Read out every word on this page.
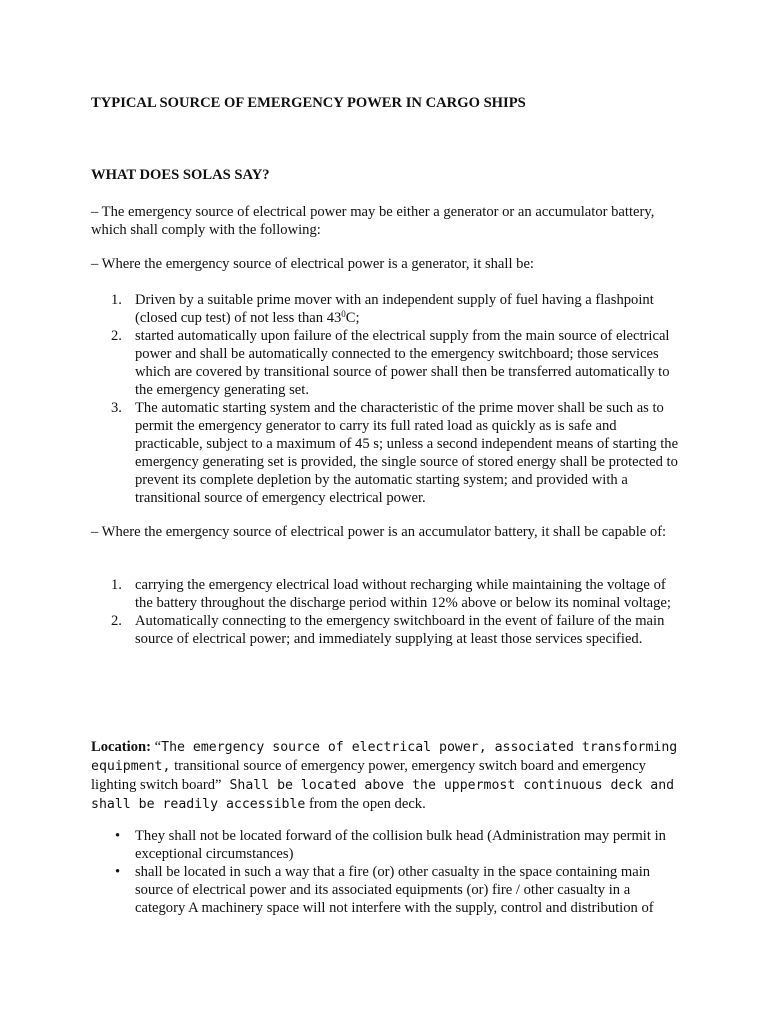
TYPICAL SOURCE OF EMERGENCY POWER IN CARGO SHIPS

WHAT DOES SOLAS SAY?

– The emergency source of electrical power may be either a generator or an accumulator battery, which shall comply with the following:

– Where the emergency source of electrical power is a generator, it shall be:

1. Driven by a suitable prime mover with an independent supply of fuel having a flashpoint (closed cup test) of not less than $43^0C$;
2. started automatically upon failure of the electrical supply from the main source of electrical power and shall be automatically connected to the emergency switchboard; those services which are covered by transitional source of power shall then be transferred automatically to the emergency generating set.
3. The automatic starting system and the characteristic of the prime mover shall be such as to permit the emergency generator to carry its full rated load as quickly as is safe and practicable, subject to a maximum of 45 s; unless a second independent means of starting the emergency generating set is provided, the single source of stored energy shall be protected to prevent its complete depletion by the automatic starting system; and provided with a transitional source of emergency electrical power.

– Where the emergency source of electrical power is an accumulator battery, it shall be capable of:

1. carrying the emergency electrical load without recharging while maintaining the voltage of the battery throughout the discharge period within 12% above or below its nominal voltage;
2. Automatically connecting to the emergency switchboard in the event of failure of the main source of electrical power; and immediately supplying at least those services specified.

Location: “The emergency source of electrical power, associated transforming equipment, transitional source of emergency power, emergency switch board and emergency lighting switch board” Shall be located above the uppermost continuous deck and shall be readily accessible from the open deck.

• They shall not be located forward of the collision bulk head (Administration may permit in exceptional circumstances)
• shall be located in such a way that a fire (or) other casualty in the space containing main source of electrical power and its associated equipments (or) fire / other casualty in a category A machinery space will not interfere with the supply, control and distribution of
